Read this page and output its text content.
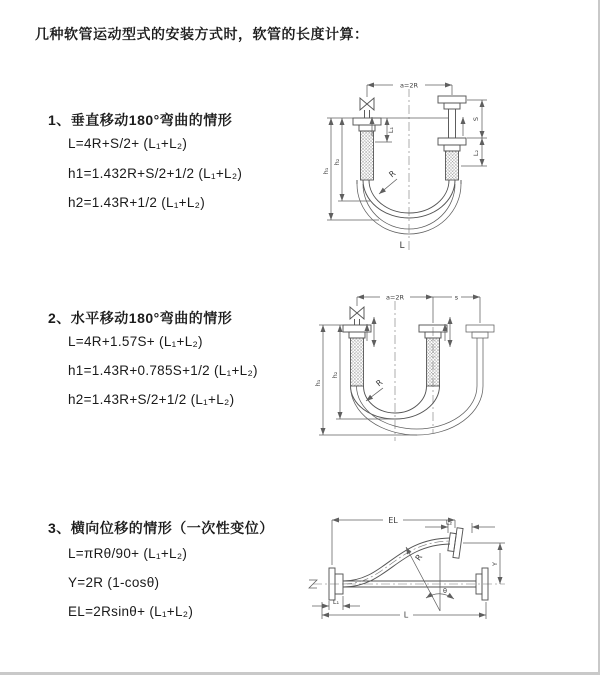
几种软管运动型式的安装方式时，软管的长度计算：
1、垂直移动180°弯曲的情形
L=4R+S/2+ (L₁+L₂)
h1=1.432R+S/2+1/2 (L₁+L₂)
h2=1.43R+1/2 (L₁+L₂)
a=2R
R
h₁
h₂
L₁
S
L₂
L
2、水平移动180°弯曲的情形
L=4R+1.57S+ (L₁+L₂)
h1=1.43R+0.785S+1/2 (L₁+L₂)
h2=1.43R+S/2+1/2 (L₁+L₂)
a=2R	s
R
h₁
h₂
3、横向位移的情形（一次性变位）
L=πRθ/90+ (L₁+L₂)
Y=2R (1-cosθ)
EL=2Rsinθ+ (L₁+L₂)
EL	L₂
Y
R
θ
L
L₁
